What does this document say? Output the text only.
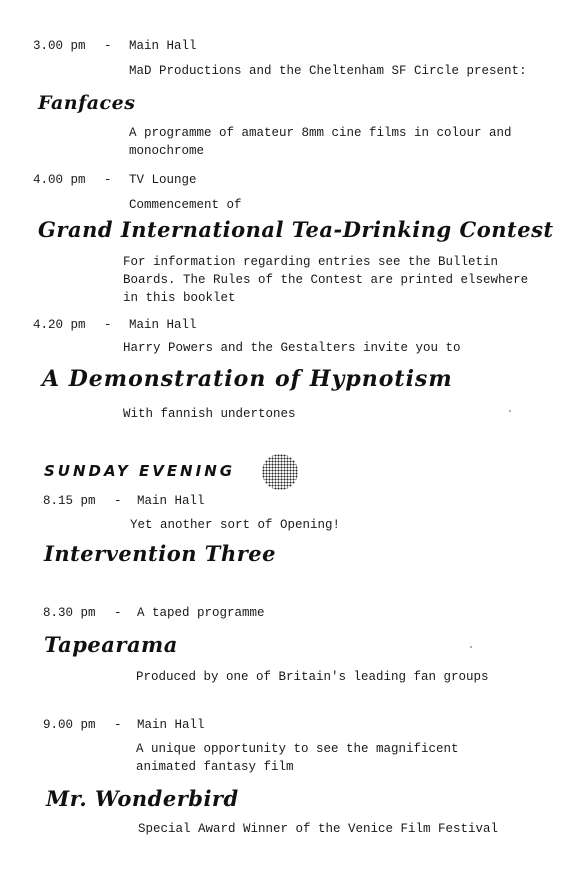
3.00 pm - Main Hall
MaD Productions and the Cheltenham SF Circle present:
Fanfaces
A programme of amateur 8mm cine films in colour and monochrome
4.00 pm - TV Lounge
Commencement of
Grand International Tea-Drinking Contest
For information regarding entries see the Bulletin Boards. The Rules of the Contest are printed elsewhere in this booklet
4.20 pm - Main Hall
Harry Powers and the Gestalters invite you to
A Demonstration of Hypnotism
With fannish undertones
SUNDAY EVENING
8.15 pm - Main Hall
Yet another sort of Opening!
Intervention Three
8.30 pm - A taped programme
Tapearama
Produced by one of Britain's leading fan groups
9.00 pm - Main Hall
A unique opportunity to see the magnificent animated fantasy film
Mr. Wonderbird
Special Award Winner of the Venice Film Festival
